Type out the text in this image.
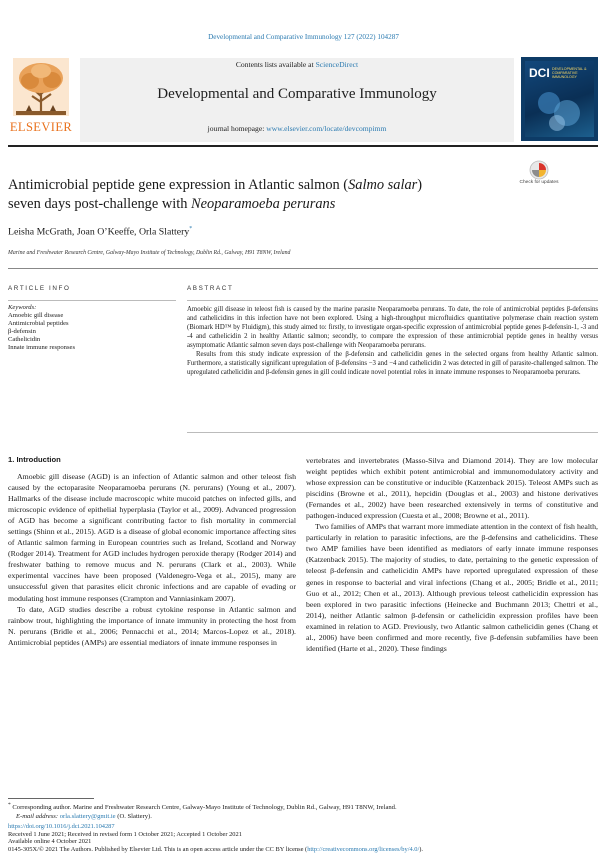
Developmental and Comparative Immunology 127 (2022) 104287
Contents lists available at ScienceDirect
Developmental and Comparative Immunology
journal homepage: www.elsevier.com/locate/devcompimm
ELSEVIER
DCI DEVELOPMENTAL & COMPARATIVE IMMUNOLOGY
Check for updates
Antimicrobial peptide gene expression in Atlantic salmon (Salmo salar)
seven days post-challenge with Neoparamoeba perurans
Leisha McGrath, Joan O’Keeffe, Orla Slattery*
Marine and Freshwater Research Centre, Galway-Mayo Institute of Technology, Dublin Rd., Galway, H91 T8NW, Ireland
ARTICLE INFO	ABSTRACT
Keywords:
Amoebic gill disease
Antimicrobial peptides
β-defensin
Cathelicidin
Innate immune responses

Amoebic gill disease in teleost fish is caused by the marine parasite Neoparamoeba perurans. To date, the role of antimicrobial peptides β-defensins and cathelicidins in this infection have not been explored. Using a high-throughput microfluidics quantitative polymerase chain reaction system (Biomark HD™ by Fluidigm), this study aimed to: firstly, to investigate organ-specific expression of antimicrobial peptide genes β-defensin-1, -3 and -4 and cathelicidin 2 in healthy Atlantic salmon; secondly, to compare the expression of these antimicrobial peptide genes in healthy versus asymptomatic Atlantic salmon seven days post-challenge with Neoparamoeba perurans.

Results from this study indicate expression of the β-defensin and cathelicidin genes in the selected organs from healthy Atlantic salmon. Furthermore, a statistically significant upregulation of β-defensins −3 and −4 and cathelicidin 2 was detected in gill of parasite-challenged salmon. The upregulated cathelicidin and β-defensin genes in gill could indicate novel potential roles in innate immune responses to Neoparamoeba perurans.

1. Introduction

Amoebic gill disease (AGD) is an infection of Atlantic salmon and other teleost fish caused by the ectoparasite Neoparamoeba perurans (N. perurans) (Young et al., 2007). Hallmarks of the disease include macroscopic white mucoid patches on infected gills, and microscopic evidence of epithelial hyperplasia (Taylor et al., 2009). Advanced progression of AGD has become a significant contributing factor to fish mortality in commercial settings (Shinn et al., 2015). AGD is a disease of global economic importance affecting sites of Atlantic salmon farming in European countries such as Ireland, Scotland and Norway (Rodger 2014). Treatment for AGD includes hydrogen peroxide therapy (Rodger 2014) and freshwater bathing to remove mucus and N. perurans (Clark et al., 2003). While experimental vaccines have been proposed (Valdenegro-Vega et al., 2015), many are unsuccessful given that parasites elicit chronic infections and are capable of evading or modulating host immune responses (Crampton and Vanniasinkam 2007).

To date, AGD studies describe a robust cytokine response in Atlantic salmon and rainbow trout, highlighting the importance of innate immunity in protecting the host from N. perurans (Bridle et al., 2006; Pennacchi et al., 2014; Marcos-Lopez et al., 2018). Antimicrobial peptides (AMPs) are essential mediators of innate immune responses in

vertebrates and invertebrates (Masso-Silva and Diamond 2014). They are low molecular weight peptides which exhibit potent antimicrobial and immunomodulatory activity and whose expression can be constitutive or inducible (Katzenback 2015). Teleost AMPs such as piscidins (Browne et al., 2011), hepcidin (Douglas et al., 2003) and histone derivatives (Fernandes et al., 2002) have been researched extensively in terms of constitutive and pathogen-induced expression (Cuesta et al., 2008; Browne et al., 2011).

Two families of AMPs that warrant more immediate attention in the context of fish health, particularly in relation to parasitic infections, are the β-defensins and cathelicidins. These two AMP families have been identified as mediators of early innate immune responses (Katzenback 2015). The majority of studies, to date, pertaining to the genetic expression of teleost β-defensin and cathelicidin AMPs have reported upregulated expression of these genes in response to bacterial and viral infections (Chang et al., 2005; Bridle et al., 2011; Guo et al., 2012; Chen et al., 2013). Although previous teleost cathelicidin expression has been explored in two parasitic infections (Heinecke and Buchmann 2013; Chettri et al., 2014), neither Atlantic salmon β-defensin or cathelicidin expression profiles have been examined in relation to AGD. Previously, two Atlantic salmon cathelicidin genes (Chang et al., 2006) have been confirmed and more recently, five β-defensin subfamilies have been identified (Harte et al., 2020). These findings

* Corresponding author. Marine and Freshwater Research Centre, Galway-Mayo Institute of Technology, Dublin Rd., Galway, H91 T8NW, Ireland.
E-mail address: orla.slattery@gmit.ie (O. Slattery).
https://doi.org/10.1016/j.dci.2021.104287
Received 1 June 2021; Received in revised form 1 October 2021; Accepted 1 October 2021
Available online 4 October 2021
0145-305X/© 2021 The Authors. Published by Elsevier Ltd. This is an open access article under the CC BY license (http://creativecommons.org/licenses/by/4.0/).
